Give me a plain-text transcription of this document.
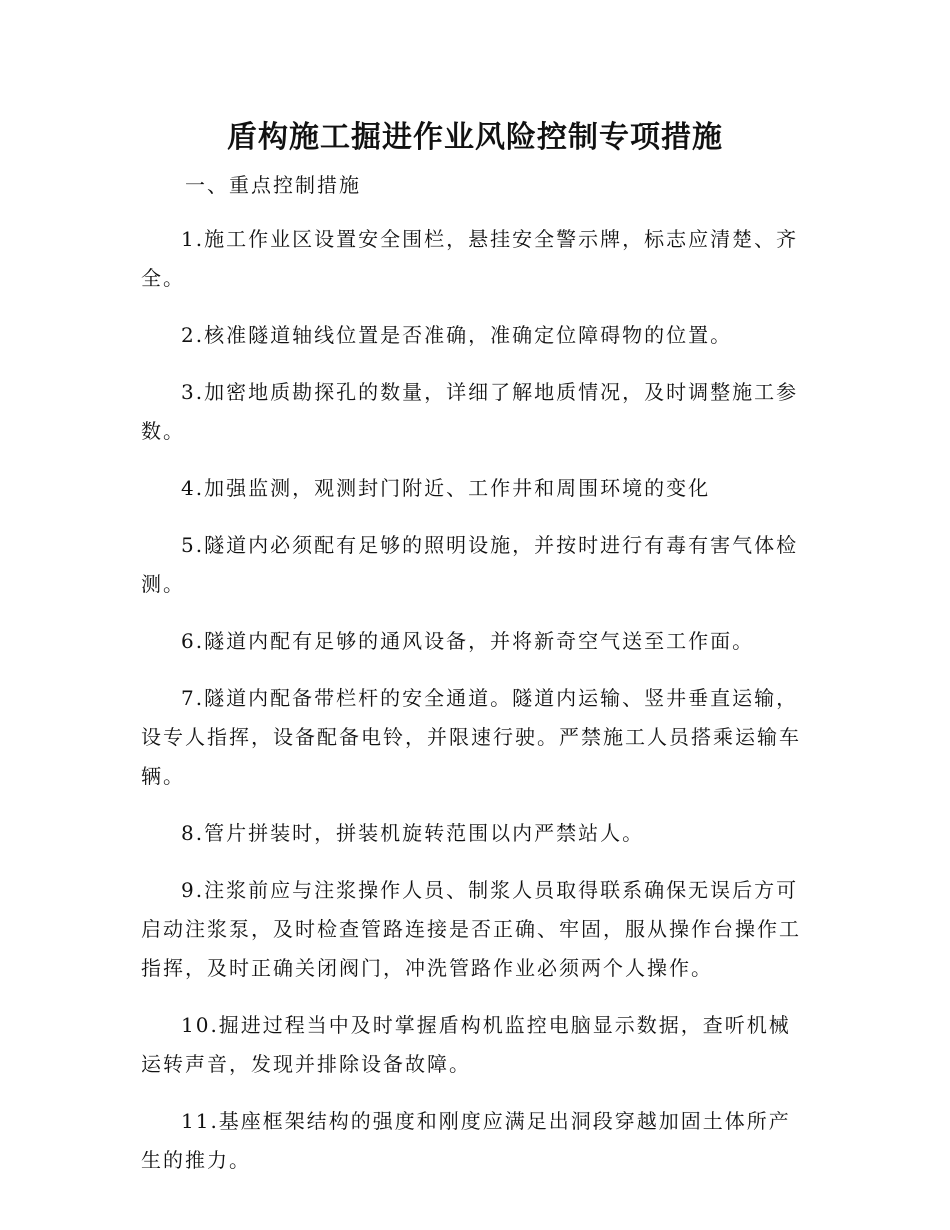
盾构施工掘进作业风险控制专项措施

一、重点控制措施

1.施工作业区设置安全围栏，悬挂安全警示牌，标志应清楚、齐全。

2.核准隧道轴线位置是否准确，准确定位障碍物的位置。

3.加密地质勘探孔的数量，详细了解地质情况，及时调整施工参数。

4.加强监测，观测封门附近、工作井和周围环境的变化

5.隧道内必须配有足够的照明设施，并按时进行有毒有害气体检测。

6.隧道内配有足够的通风设备，并将新奇空气送至工作面。

7.隧道内配备带栏杆的安全通道。隧道内运输、竖井垂直运输，设专人指挥，设备配备电铃，并限速行驶。严禁施工人员搭乘运输车辆。

8.管片拼装时，拼装机旋转范围以内严禁站人。

9.注浆前应与注浆操作人员、制浆人员取得联系确保无误后方可启动注浆泵，及时检查管路连接是否正确、牢固，服从操作台操作工指挥，及时正确关闭阀门，冲洗管路作业必须两个人操作。

10.掘进过程当中及时掌握盾构机监控电脑显示数据，查听机械运转声音，发现并排除设备故障。

11.基座框架结构的强度和刚度应满足出洞段穿越加固土体所产生的推力。
